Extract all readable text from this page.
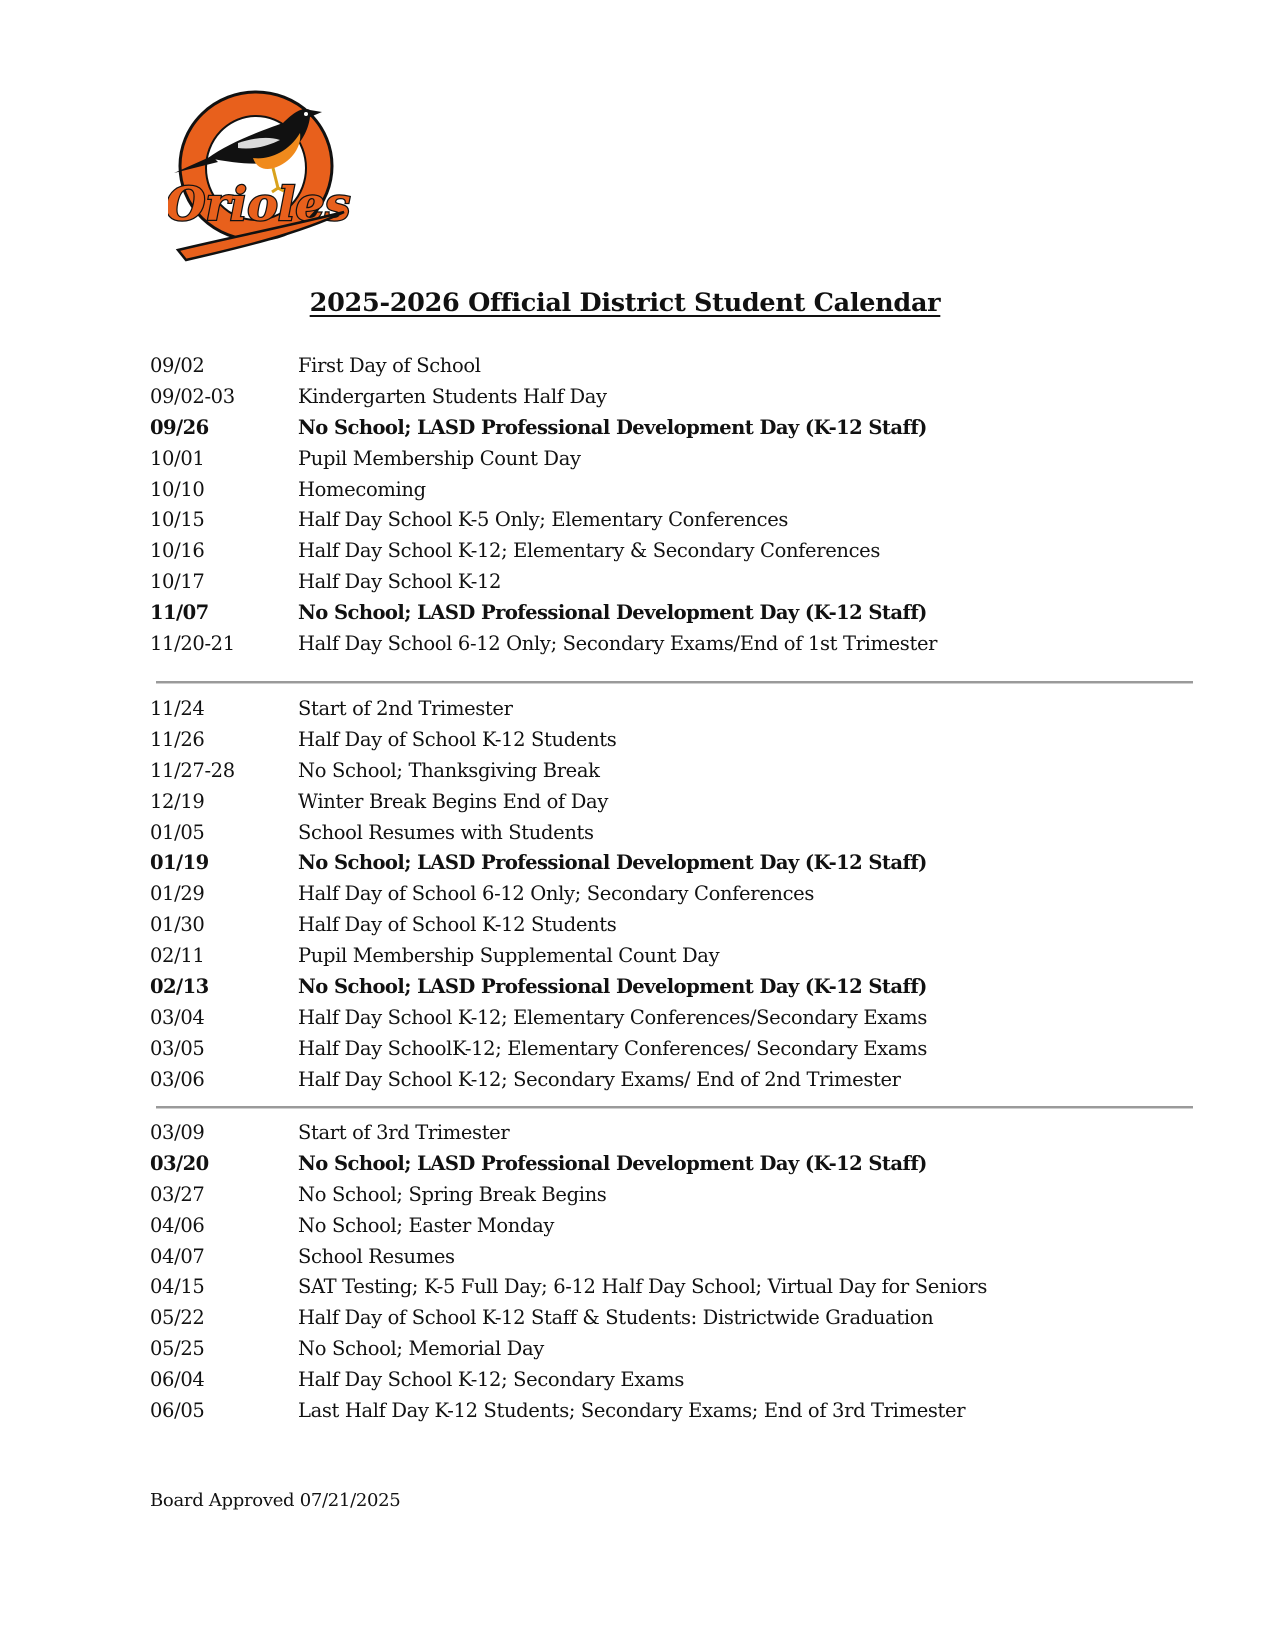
Orioles
2025-2026 Official District Student Calendar
09/02	First Day of School
09/02-03	Kindergarten Students Half Day
09/26	No School; LASD Professional Development Day (K-12 Staff)
10/01	Pupil Membership Count Day
10/10	Homecoming
10/15	Half Day School K-5 Only; Elementary Conferences
10/16	Half Day School K-12; Elementary & Secondary Conferences
10/17	Half Day School K-12
11/07	No School; LASD Professional Development Day (K-12 Staff)
11/20-21	Half Day School 6-12 Only; Secondary Exams/End of 1st Trimester
11/24	Start of 2nd Trimester
11/26	Half Day of School K-12 Students
11/27-28	No School; Thanksgiving Break
12/19	Winter Break Begins End of Day
01/05	School Resumes with Students
01/19	No School; LASD Professional Development Day (K-12 Staff)
01/29	Half Day of School 6-12 Only; Secondary Conferences
01/30	Half Day of School K-12 Students
02/11	Pupil Membership Supplemental Count Day
02/13	No School; LASD Professional Development Day (K-12 Staff)
03/04	Half Day School K-12; Elementary Conferences/Secondary Exams
03/05	Half Day SchoolK-12; Elementary Conferences/ Secondary Exams
03/06	Half Day School K-12; Secondary Exams/ End of 2nd Trimester
03/09	Start of 3rd Trimester
03/20	No School; LASD Professional Development Day (K-12 Staff)
03/27	No School; Spring Break Begins
04/06	No School; Easter Monday
04/07	School Resumes
04/15	SAT Testing; K-5 Full Day; 6-12 Half Day School; Virtual Day for Seniors
05/22	Half Day of School K-12 Staff & Students: Districtwide Graduation
05/25	No School; Memorial Day
06/04	Half Day School K-12; Secondary Exams
06/05	Last Half Day K-12 Students; Secondary Exams; End of 3rd Trimester
Board Approved 07/21/2025
